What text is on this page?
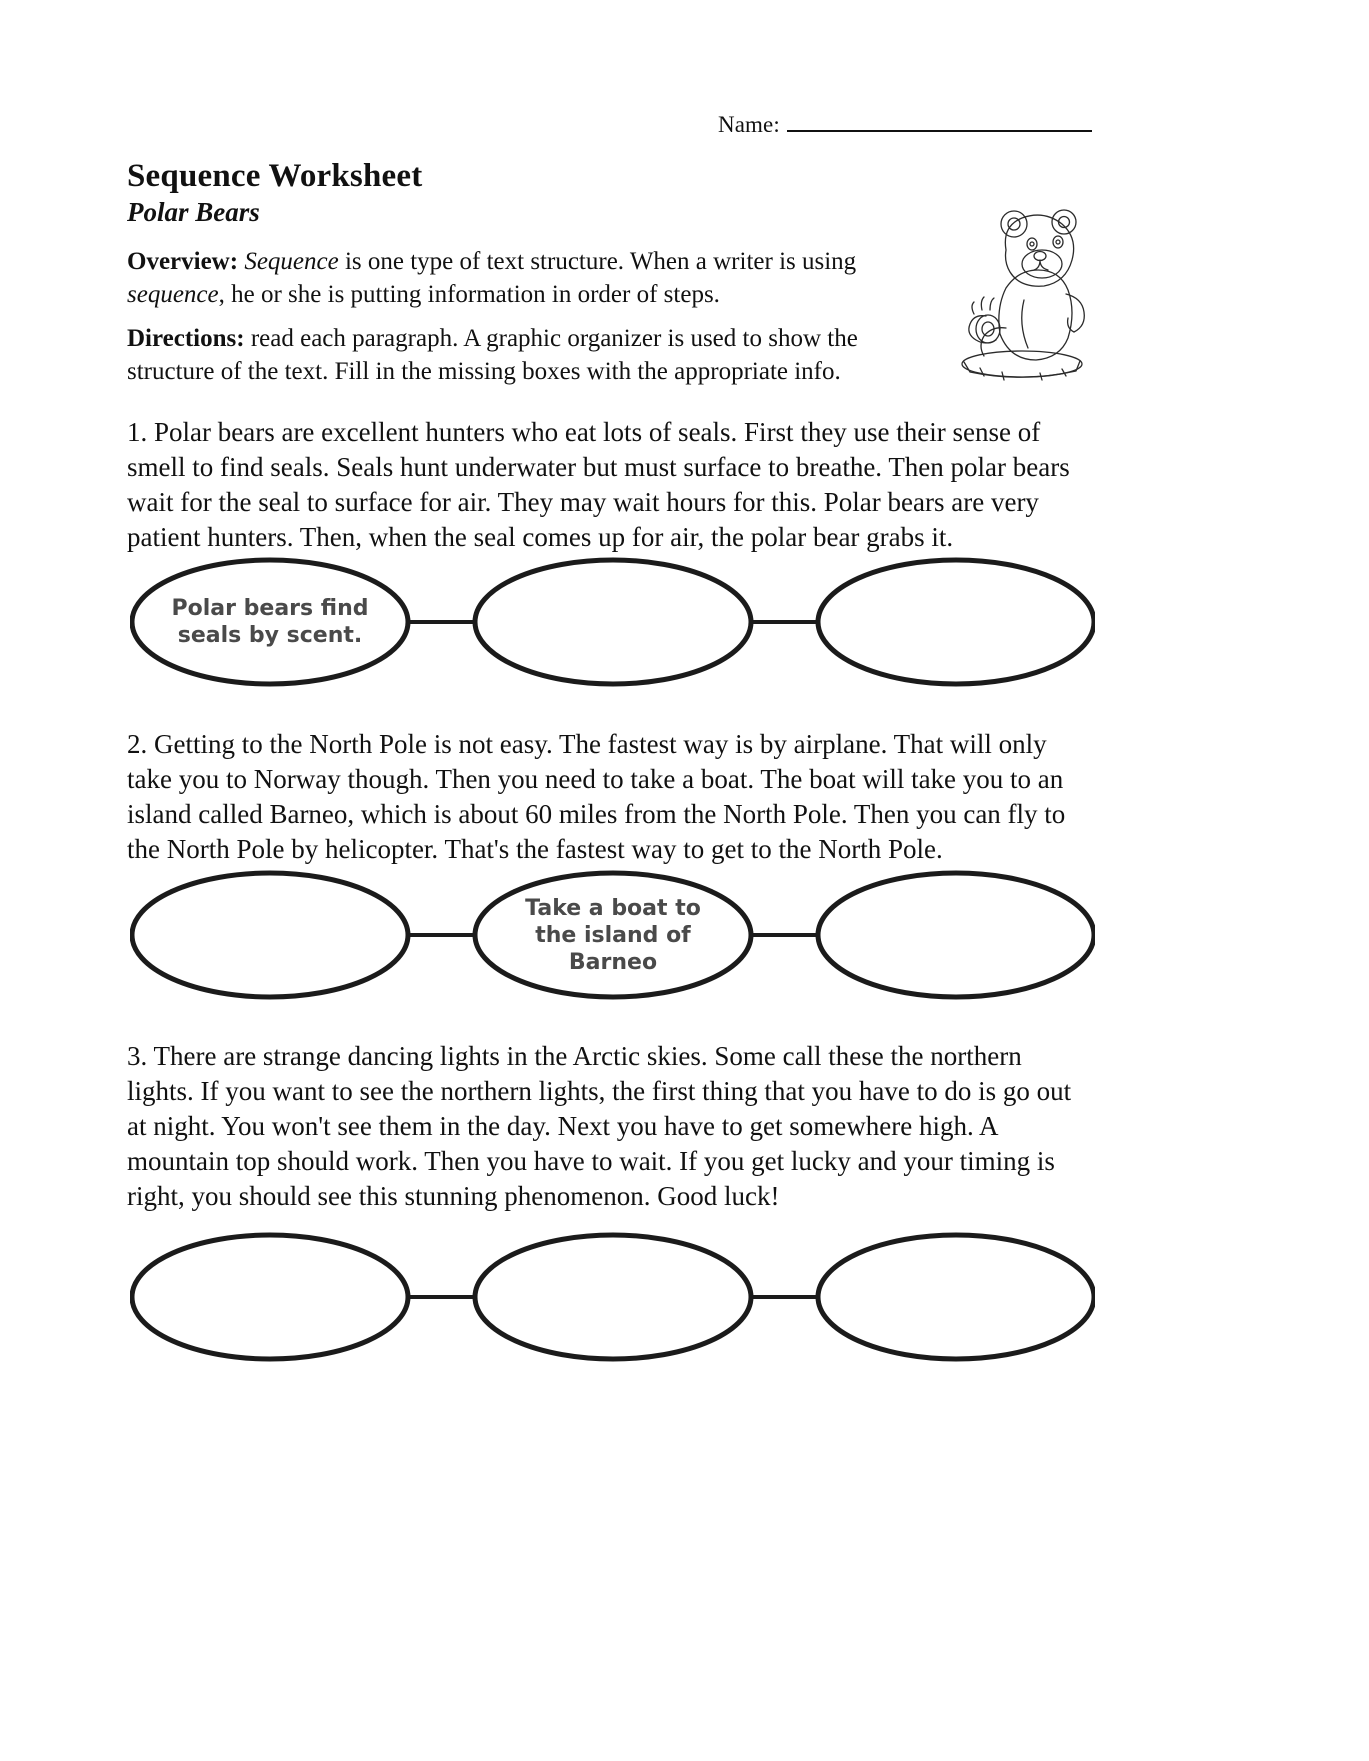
Name:
Sequence Worksheet
Polar Bears
Overview: Sequence is one type of text structure. When a writer is using sequence, he or she is putting information in order of steps.
Directions: read each paragraph. A graphic organizer is used to show the structure of the text. Fill in the missing boxes with the appropriate info.
1. Polar bears are excellent hunters who eat lots of seals. First they use their sense of smell to find seals. Seals hunt underwater but must surface to breathe. Then polar bears wait for the seal to surface for air. They may wait hours for this. Polar bears are very patient hunters. Then, when the seal comes up for air, the polar bear grabs it.
Polar bears find
seals by scent.
2. Getting to the North Pole is not easy. The fastest way is by airplane. That will only take you to Norway though. Then you need to take a boat. The boat will take you to an island called Barneo, which is about 60 miles from the North Pole. Then you can fly to the North Pole by helicopter. That's the fastest way to get to the North Pole.
Take a boat to
the island of
Barneo
3. There are strange dancing lights in the Arctic skies. Some call these the northern lights. If you want to see the northern lights, the first thing that you have to do is go out at night. You won't see them in the day. Next you have to get somewhere high. A mountain top should work. Then you have to wait. If you get lucky and your timing is right, you should see this stunning phenomenon. Good luck!
